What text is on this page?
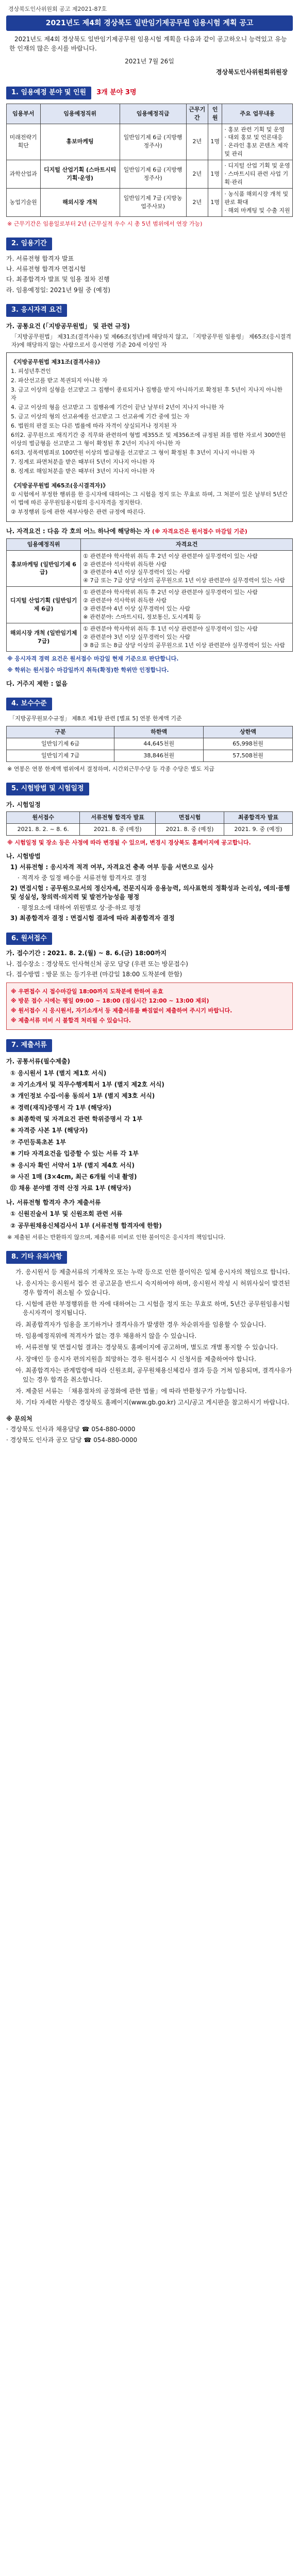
경상북도인사위원회 공고 제2021-87호
2021년도 제4회 경상북도 일반임기제공무원 임용시험 계획 공고
2021년도 제4회 경상북도 일반임기제공무원 임용시험 계획을 다음과 같이 공고하오니 능력있고 유능한 인재의 많은 응시를 바랍니다.
2021년 7월 26일
경상북도인사위원회위원장
1. 임용예정 분야 및 인원	3개 분야 3명
임용부서	임용예정직위	임용예정직급	근무기간	인원	주요 업무내용
미래전략기획단	홍보마케팅	일반임기제 6급 (지방행정주사)	2년	1명	· 홍보 관련 기획 및 운영
· 대외 홍보 및 언론대응
· 온라인 홍보 콘텐츠 제작 및 관리
과학산업과	디지털 산업기획 (스마트시티 기획·운영)	일반임기제 6급 (지방행정주사)	2년	1명	· 디지털 산업 기획 및 운영
· 스마트시티 관련 사업 기획·관리
농업기술원	해외시장 개척	일반임기제 7급 (지방농업주사보)	2년	1명	· 농식품 해외시장 개척 및 판로 확대
· 해외 마케팅 및 수출 지원

※ 근무기간은 임용일로부터 2년 (근무실적 우수 시 총 5년 범위에서 연장 가능)

2. 임용기간

가. 서류전형 합격자 발표

나. 서류전형 합격자 면접시험

다. 최종합격자 발표 및 임용 절차 진행

라. 임용예정일: 2021년 9월 중 (예정)

3. 응시자격 요건
가. 공통요건 (「지방공무원법」 및 관련 규정)

「지방공무원법」 제31조(결격사유) 및 제66조(정년)에 해당하지 않고, 「지방공무원 임용령」 제65조(응시결격자)에 해당하지 않는 사람으로서 응시연령 기준 20세 이상인 자

《지방공무원법 제31조(결격사유)》

1. 피성년후견인

2. 파산선고를 받고 복권되지 아니한 자

3. 금고 이상의 실형을 선고받고 그 집행이 종료되거나 집행을 받지 아니하기로 확정된 후 5년이 지나지 아니한 자

4. 금고 이상의 형을 선고받고 그 집행유예 기간이 끝난 날부터 2년이 지나지 아니한 자

5. 금고 이상의 형의 선고유예를 선고받고 그 선고유예 기간 중에 있는 자

6. 법원의 판결 또는 다른 법률에 따라 자격이 상실되거나 정지된 자

6의2. 공무원으로 재직기간 중 직무와 관련하여 형법 제355조 및 제356조에 규정된 죄를 범한 자로서 300만원 이상의 벌금형을 선고받고 그 형이 확정된 후 2년이 지나지 아니한 자

6의3. 성폭력범죄로 100만원 이상의 벌금형을 선고받고 그 형이 확정된 후 3년이 지나지 아니한 자

7. 징계로 파면처분을 받은 때부터 5년이 지나지 아니한 자

8. 징계로 해임처분을 받은 때부터 3년이 지나지 아니한 자

《지방공무원법 제65조(응시결격자)》

① 시험에서 부정한 행위를 한 응시자에 대하여는 그 시험을 정지 또는 무효로 하며, 그 처분이 있은 날부터 5년간 이 법에 따른 공무원임용시험의 응시자격을 정지한다.

② 부정행위 등에 관한 세부사항은 관련 규정에 따른다.

나. 자격요건 : 다음 각 호의 어느 하나에 해당하는 자 (※ 자격요건은 원서접수 마감일 기준)
임용예정직위	자격요건
홍보마케팅 (일반임기제 6급)	① 관련분야 학사학위 취득 후 2년 이상 관련분야 실무경력이 있는 사람
② 관련분야 석사학위 취득한 사람
③ 관련분야 4년 이상 실무경력이 있는 사람
④ 7급 또는 7급 상당 이상의 공무원으로 1년 이상 관련분야 실무경력이 있는 사람
디지털 산업기획 (일반임기제 6급)	① 관련분야 학사학위 취득 후 2년 이상 관련분야 실무경력이 있는 사람
② 관련분야 석사학위 취득한 사람
③ 관련분야 4년 이상 실무경력이 있는 사람
※ 관련분야: 스마트시티, 정보통신, 도시계획 등
해외시장 개척 (일반임기제 7급)	① 관련분야 학사학위 취득 후 1년 이상 관련분야 실무경력이 있는 사람
② 관련분야 3년 이상 실무경력이 있는 사람
③ 8급 또는 8급 상당 이상의 공무원으로 1년 이상 관련분야 실무경력이 있는 사람

※ 응시자격 경력 요건은 원서접수 마감일 현재 기준으로 판단합니다.

※ 학위는 원서접수 마감일까지 취득(확정)한 학위만 인정합니다.

다. 거주지 제한 : 없음
4. 보수수준

「지방공무원보수규정」 제8조 제1항 관련 [별표 5] 연봉 한계액 기준

구분	하한액	상한액
일반임기제 6급	44,645천원	65,998천원
일반임기제 7급	38,846천원	57,508천원

※ 연봉은 연봉 한계액 범위에서 결정하며, 시간외근무수당 등 각종 수당은 별도 지급

5. 시험방법 및 시험일정
가. 시험일정
원서접수	서류전형 합격자 발표	면접시험	최종합격자 발표
2021. 8. 2. ~ 8. 6.	2021. 8. 중 (예정)	2021. 8. 중 (예정)	2021. 9. 중 (예정)

※ 시험일정 및 장소 등은 사정에 따라 변경될 수 있으며, 변경시 경상북도 홈페이지에 공고합니다.

나. 시험방법

1) 서류전형 : 응시자격 적격 여부, 자격요건 충족 여부 등을 서면으로 심사

· 적격자 중 일정 배수를 서류전형 합격자로 결정

2) 면접시험 : 공무원으로서의 정신자세, 전문지식과 응용능력, 의사표현의 정확성과 논리성, 예의·품행 및 성실성, 창의력·의지력 및 발전가능성을 평정

· 평정요소에 대하여 위원별로 상·중·하로 평정

3) 최종합격자 결정 : 면접시험 결과에 따라 최종합격자 결정

6. 원서접수

가. 접수기간 : 2021. 8. 2.(월) ~ 8. 6.(금) 18:00까지

나. 접수장소 : 경상북도 인사혁신처 공모 담당 (우편 또는 방문접수)

다. 접수방법 : 방문 또는 등기우편 (마감일 18:00 도착분에 한함)

※ 우편접수 시 접수마감일 18:00까지 도착분에 한하여 유효

※ 방문 접수 시에는 평일 09:00 ~ 18:00 (점심시간 12:00 ~ 13:00 제외)

※ 원서접수 시 응시원서, 자기소개서 등 제출서류를 빠짐없이 제출하여 주시기 바랍니다.

※ 제출서류 미비 시 불합격 처리될 수 있습니다.

7. 제출서류
가. 공통서류(필수제출)

① 응시원서 1부 (별지 제1호 서식)

② 자기소개서 및 직무수행계획서 1부 (별지 제2호 서식)

③ 개인정보 수집·이용 동의서 1부 (별지 제3호 서식)

④ 경력(재직)증명서 각 1부 (해당자)

⑤ 최종학력 및 자격요건 관련 학위증명서 각 1부

⑥ 자격증 사본 1부 (해당자)

⑦ 주민등록초본 1부

⑧ 기타 자격요건을 입증할 수 있는 서류 각 1부

⑨ 응시자 확인 서약서 1부 (별지 제4호 서식)

⑩ 사진 1매 (3×4cm, 최근 6개월 이내 촬영)

⑪ 채용 분야별 경력 산정 자료 1부 (해당자)

나. 서류전형 합격자 추가 제출서류

① 신원진술서 1부 및 신원조회 관련 서류

② 공무원채용신체검사서 1부 (서류전형 합격자에 한함)

※ 제출된 서류는 반환하지 않으며, 제출서류 미비로 인한 불이익은 응시자의 책임입니다.

8. 기타 유의사항

가. 응시원서 등 제출서류의 기재착오 또는 누락 등으로 인한 불이익은 일체 응시자의 책임으로 합니다.

나. 응시자는 응시원서 접수 전 공고문을 반드시 숙지하여야 하며, 응시원서 작성 시 허위사실이 발견된 경우 합격이 취소될 수 있습니다.

다. 시험에 관한 부정행위를 한 자에 대하여는 그 시험을 정지 또는 무효로 하며, 5년간 공무원임용시험 응시자격이 정지됩니다.

라. 최종합격자가 임용을 포기하거나 결격사유가 발생한 경우 차순위자를 임용할 수 있습니다.

마. 임용예정직위에 적격자가 없는 경우 채용하지 않을 수 있습니다.

바. 서류전형 및 면접시험 결과는 경상북도 홈페이지에 공고하며, 별도로 개별 통지할 수 있습니다.

사. 장애인 등 응시자 편의지원을 희망하는 경우 원서접수 시 신청서를 제출하여야 합니다.

아. 최종합격자는 관계법령에 따라 신원조회, 공무원채용신체검사 결과 등을 거쳐 임용되며, 결격사유가 있는 경우 합격을 취소합니다.

자. 제출된 서류는 「채용절차의 공정화에 관한 법률」에 따라 반환청구가 가능합니다.

차. 기타 자세한 사항은 경상북도 홈페이지(www.gb.go.kr) 고시/공고 게시판을 참고하시기 바랍니다.

※ 문의처

· 경상북도 인사과 채용담당 ☎ 054-880-0000

· 경상북도 인사과 공모 담당 ☎ 054-880-0000
